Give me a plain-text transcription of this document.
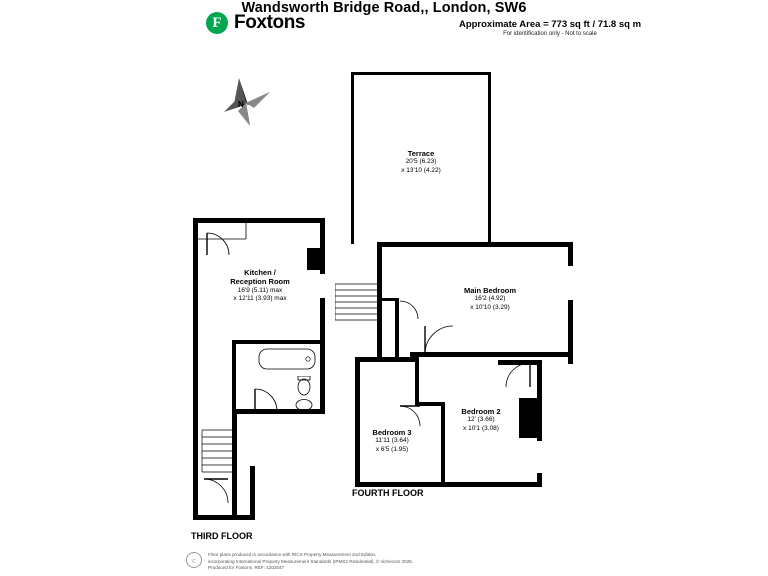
Wandsworth Bridge Road,, London, SW6
Approximate Area = 773 sq ft / 71.8 sq m
For identification only - Not to scale
F Foxtons
N
Terrace
20'5 (6.23)
x 13'10 (4.22)
Kitchen /
Reception Room
16'9 (5.11) max
x 12'11 (3.93) max
Main Bedroom
16'2 (4.92)
x 10'10 (3.29)
Bedroom 2
12' (3.66)
x 10'1 (3.08)
Bedroom 3
11'11 (3.64)
x 6'5 (1.95)
THIRD FLOOR
FOURTH FLOOR
c
Floor plans produced in accordance with RICS Property Measurement 2nd Edition,
incorporating International Property Measurement Standards (IPMS2 Residential). © nichecom 2025.
Produced for Foxtons. REF: 1202547
